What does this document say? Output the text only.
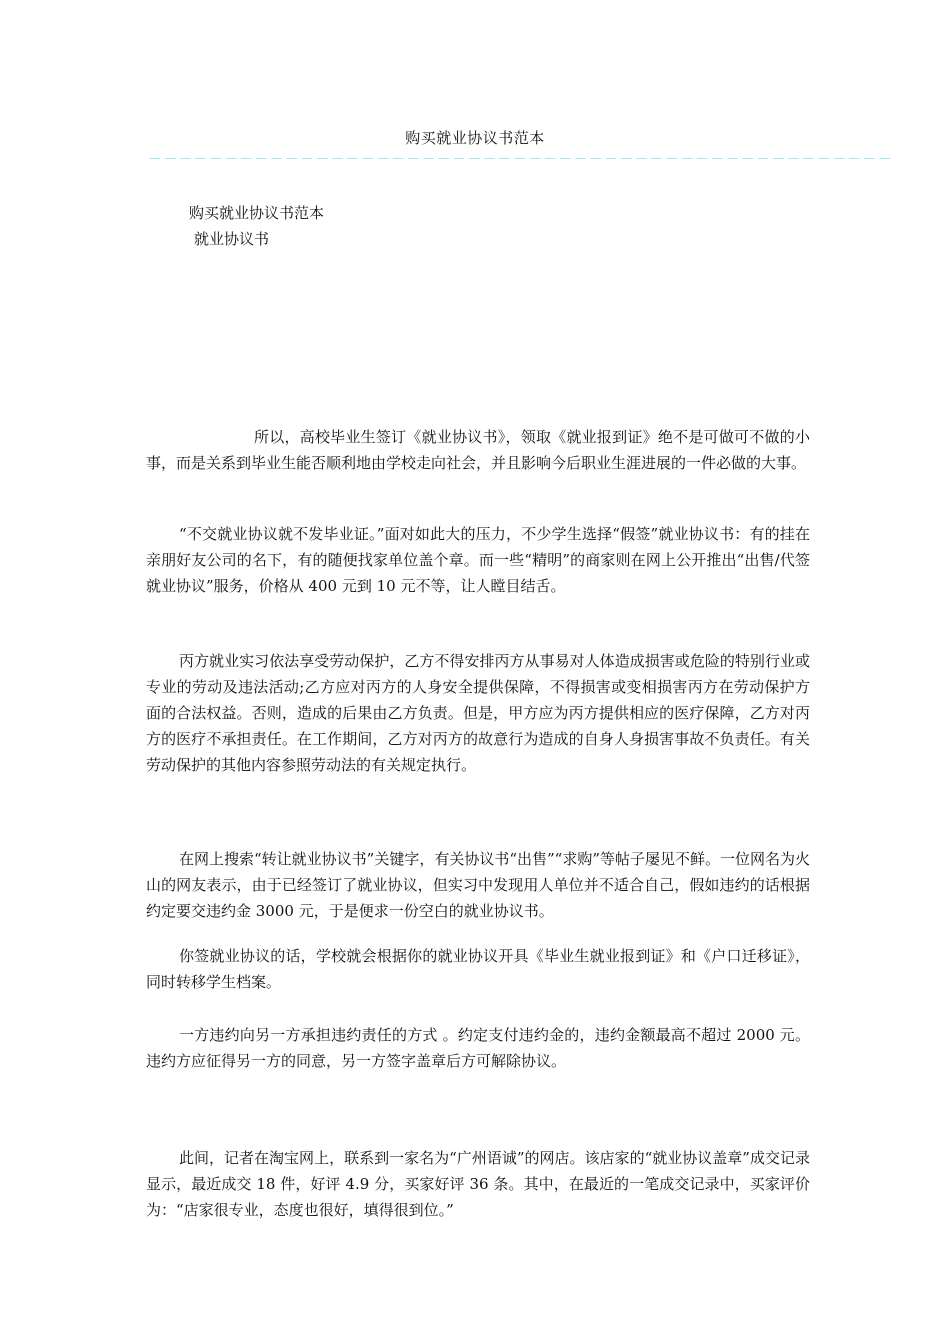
购买就业协议书范本
－－－－－－－－－－－－－－－－－－－－－－－－－－－－－－－－－－－－－－－－－－－－－－－－－
购买就业协议书范本
就业协议书

所以，高校毕业生签订《就业协议书》，领取《就业报到证》绝不是可做可不做的小事，而是关系到毕业生能否顺利地由学校走向社会，并且影响今后职业生涯进展的一件必做的大事。

“不交就业协议就不发毕业证。”面对如此大的压力，不少学生选择“假签”就业协议书：有的挂在亲朋好友公司的名下，有的随便找家单位盖个章。而一些“精明”的商家则在网上公开推出“出售/代签就业协议”服务，价格从 400 元到 10 元不等，让人瞠目结舌。

丙方就业实习依法享受劳动保护，乙方不得安排丙方从事易对人体造成损害或危险的特别行业或专业的劳动及违法活动;乙方应对丙方的人身安全提供保障，不得损害或变相损害丙方在劳动保护方面的合法权益。否则，造成的后果由乙方负责。但是，甲方应为丙方提供相应的医疗保障，乙方对丙方的医疗不承担责任。在工作期间，乙方对丙方的故意行为造成的自身人身损害事故不负责任。有关劳动保护的其他内容参照劳动法的有关规定执行。

在网上搜索“转让就业协议书”关键字，有关协议书“出售”“求购”等帖子屡见不鲜。一位网名为火山的网友表示，由于已经签订了就业协议，但实习中发现用人单位并不适合自己，假如违约的话根据约定要交违约金 3000 元，于是便求一份空白的就业协议书。

你签就业协议的话，学校就会根据你的就业协议开具《毕业生就业报到证》和《户口迁移证》，同时转移学生档案。

一方违约向另一方承担违约责任的方式 。约定支付违约金的，违约金额最高不超过 2000 元。违约方应征得另一方的同意，另一方签字盖章后方可解除协议。

此间，记者在淘宝网上，联系到一家名为“广州语诚”的网店。该店家的“就业协议盖章”成交记录显示，最近成交 18 件，好评 4.9 分，买家好评 36 条。其中，在最近的一笔成交记录中，买家评价为：“店家很专业，态度也很好，填得很到位。”
